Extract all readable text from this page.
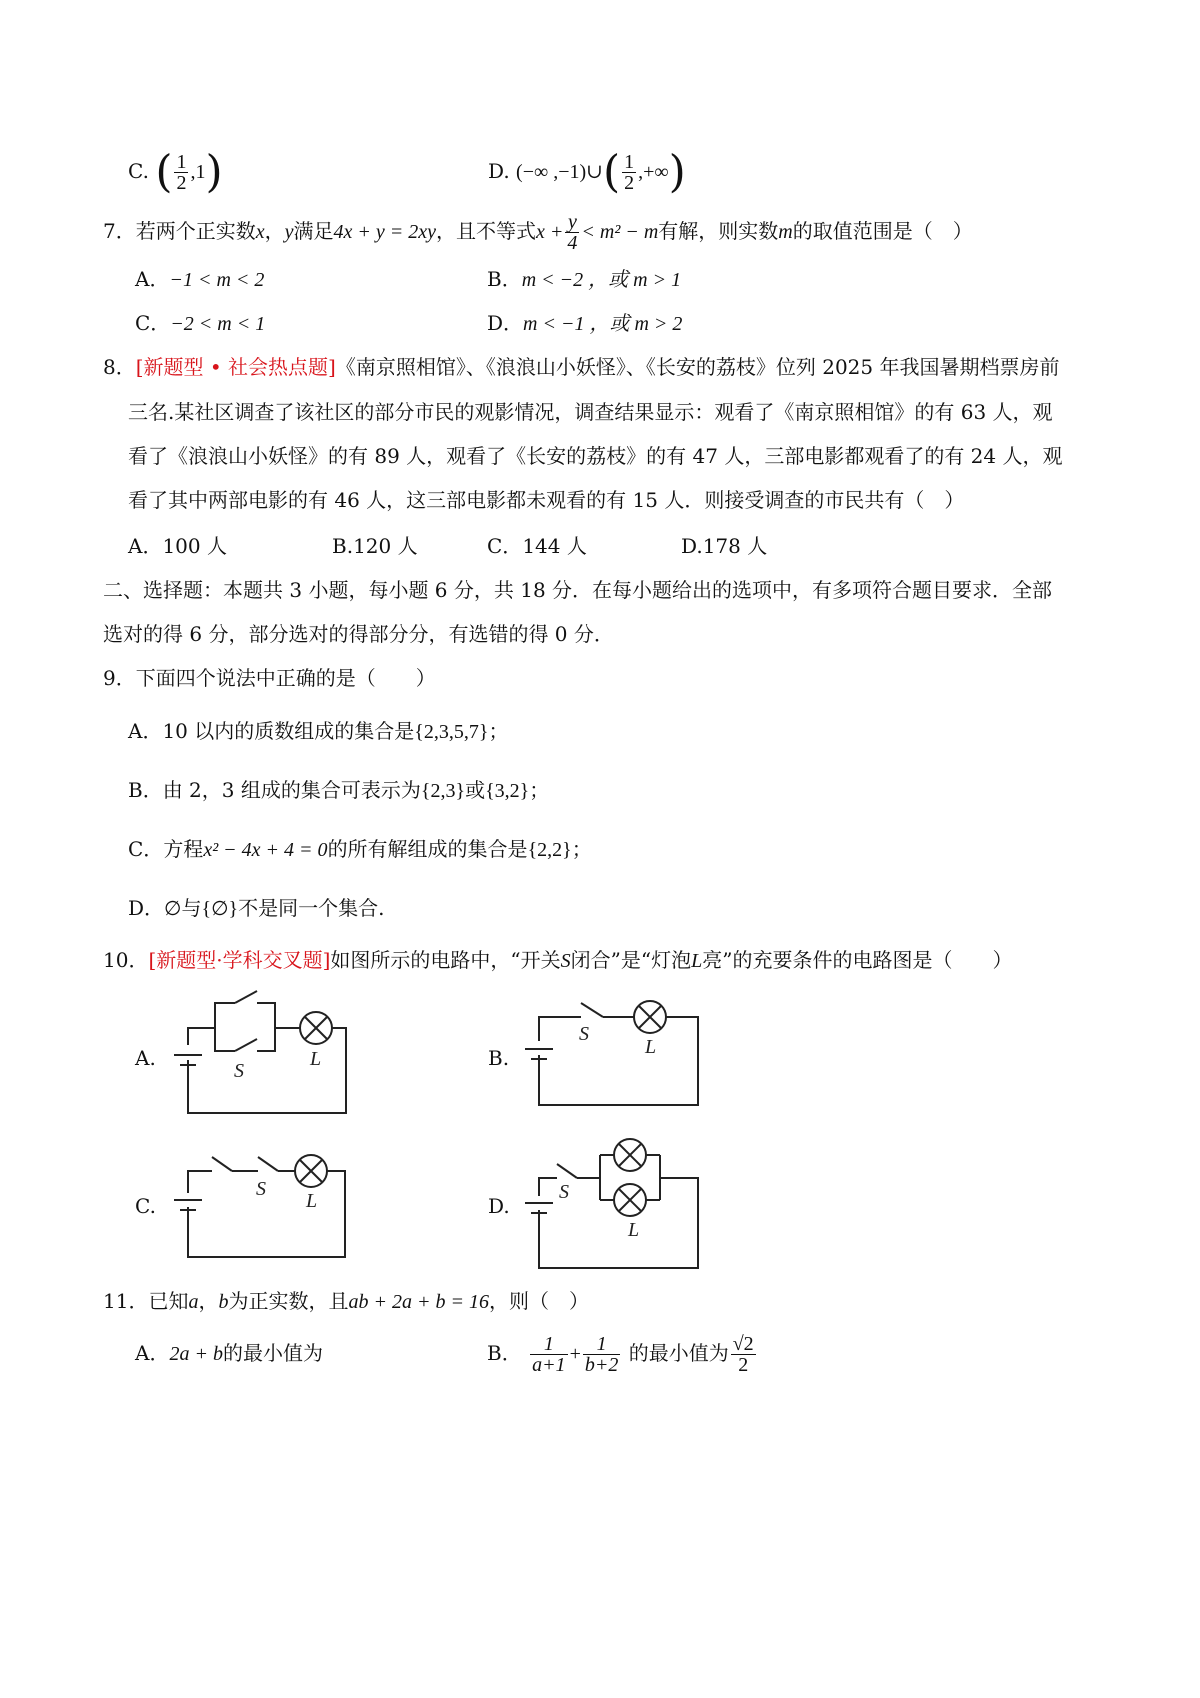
C. ( $\frac{1}{2} ,1$)	D. (−∞ ,−1)∪( $\frac{1}{2}$ ,+∞)
7．若两个正实数x，y满足4x + y = 2xy，且不等式$x + \frac{y}{4} < m^2 - m$有解，则实数m的取值范围是（　）
A．−1 < m < 2	B．m < −2 ，或 m > 1
C．−2 < m < 1	D．m < −1 ，或 m > 2
8．[新题型 • 社会热点题]《南京照相馆》、《浪浪山小妖怪》、《长安的荔枝》位列 2025 年我国暑期档票房前
三名.某社区调查了该社区的部分市民的观影情况，调查结果显示：观看了《南京照相馆》的有 63 人，观
看了《浪浪山小妖怪》的有 89 人，观看了《长安的荔枝》的有 47 人，三部电影都观看了的有 24 人，观
看了其中两部电影的有 46 人，这三部电影都未观看的有 15 人．则接受调查的市民共有（　）
A．100 人	B.120 人	C．144 人	D.178 人
二、选择题：本题共 3 小题，每小题 6 分，共 18 分．在每小题给出的选项中，有多项符合题目要求．全部
选对的得 6 分，部分选对的得部分分，有选错的得 0 分．
9．下面四个说法中正确的是（　　）
A．10 以内的质数组成的集合是{2,3,5,7}；
B．由 2，3 组成的集合可表示为{2,3}或{3,2}；
C．方程x² − 4x + 4 = 0的所有解组成的集合是{2,2}；
D．∅与{∅}不是同一个集合.
10．[新题型·学科交叉题]如图所示的电路中，“开关S闭合”是“灯泡L亮”的充要条件的电路图是（　　）
A.
S
L	B.
S
L
C.
S
L	D.
S
L
11．已知a，b为正实数，且ab + 2a + b = 16，则（　）
A．2a + b的最小值为	B． $\frac{1}{a+1} + \frac{1}{b+2}$ 的最小值为 $\frac{√2}{2}$
